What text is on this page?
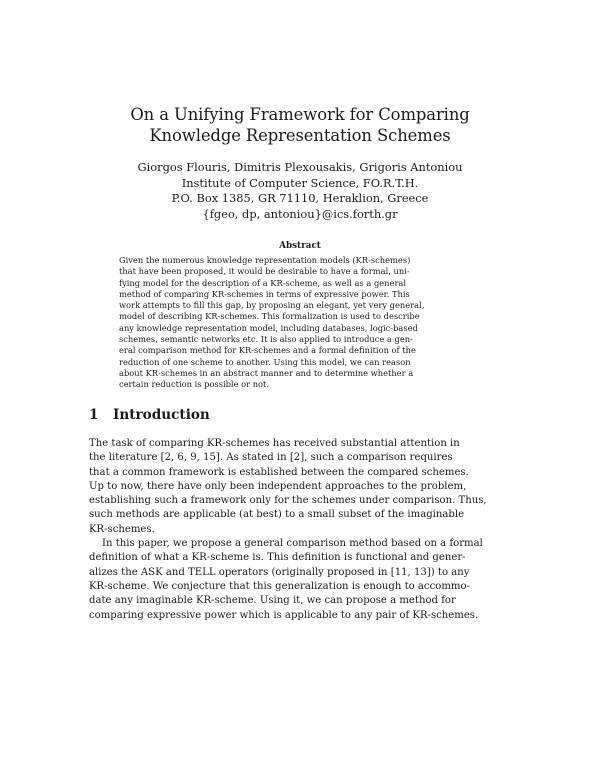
On a Unifying Framework for Comparing
Knowledge Representation Schemes
Giorgos Flouris, Dimitris Plexousakis, Grigoris Antoniou
Institute of Computer Science, FO.R.T.H.
P.O. Box 1385, GR 71110, Heraklion, Greece
{fgeo, dp, antoniou}@ics.forth.gr
Abstract
Given the numerous knowledge representation models (KR-schemes)
that have been proposed, it would be desirable to have a formal, uni-
fying model for the description of a KR-scheme, as well as a general
method of comparing KR-schemes in terms of expressive power. This
work attempts to fill this gap, by proposing an elegant, yet very general,
model of describing KR-schemes. This formalization is used to describe
any knowledge representation model, including databases, logic-based
schemes, semantic networks etc. It is also applied to introduce a gen-
eral comparison method for KR-schemes and a formal definition of the
reduction of one scheme to another. Using this model, we can reason
about KR-schemes in an abstract manner and to determine whether a
certain reduction is possible or not.
1 Introduction
The task of comparing KR-schemes has received substantial attention in
the literature [2, 6, 9, 15]. As stated in [2], such a comparison requires
that a common framework is established between the compared schemes.
Up to now, there have only been independent approaches to the problem,
establishing such a framework only for the schemes under comparison. Thus,
such methods are applicable (at best) to a small subset of the imaginable
KR-schemes.
In this paper, we propose a general comparison method based on a formal
definition of what a KR-scheme is. This definition is functional and gener-
alizes the ASK and TELL operators (originally proposed in [11, 13]) to any
KR-scheme. We conjecture that this generalization is enough to accommo-
date any imaginable KR-scheme. Using it, we can propose a method for
comparing expressive power which is applicable to any pair of KR-schemes.
